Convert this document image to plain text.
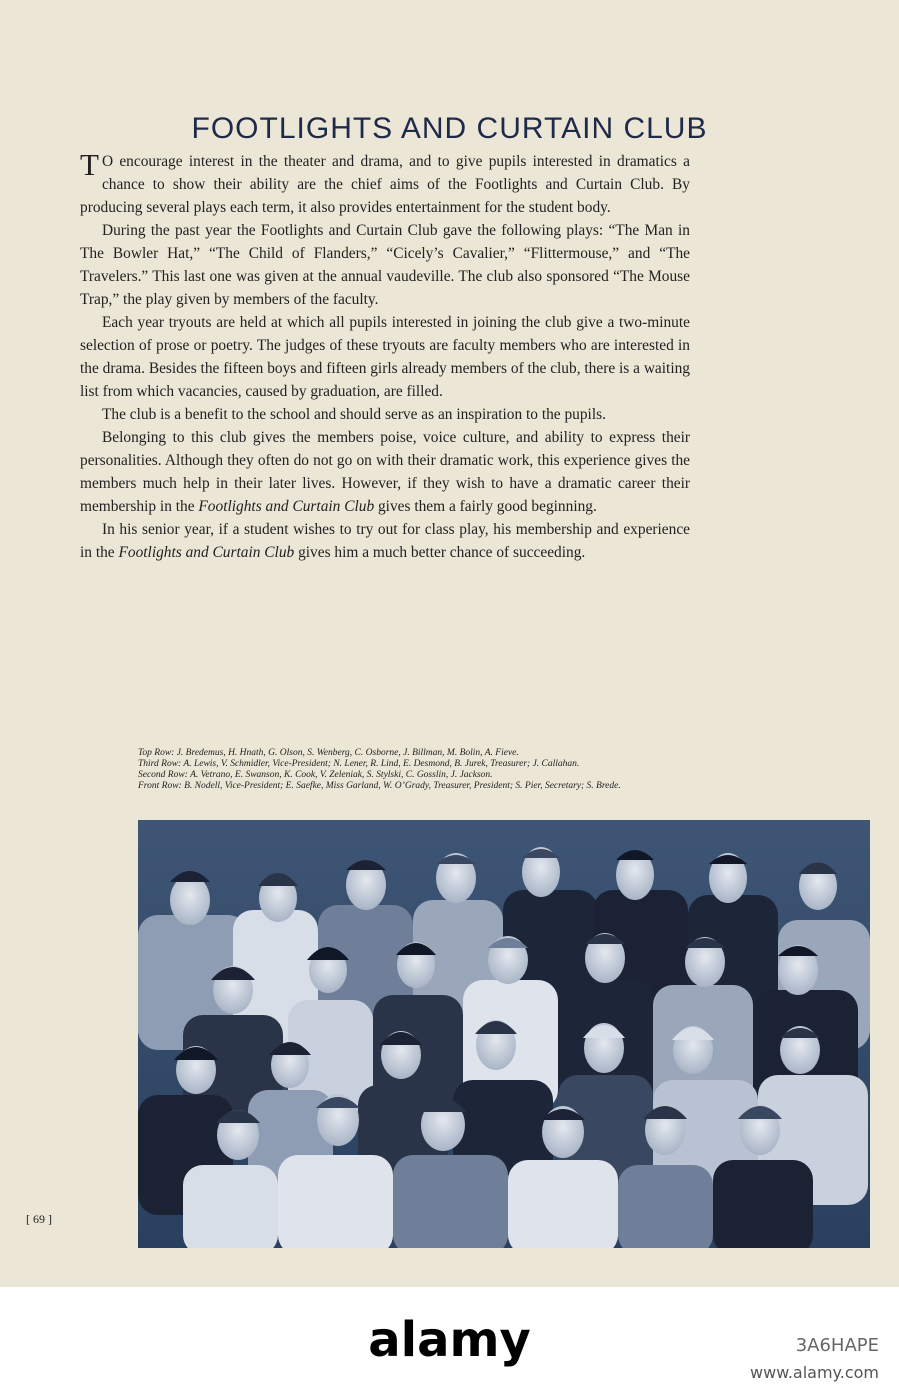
FOOTLIGHTS AND CURTAIN CLUB

T O encourage interest in the theater and drama, and to give pupils interested in dramatics a chance to show their ability are the chief aims of the Footlights and Curtain Club. By producing several plays each term, it also provides entertainment for the student body.

During the past year the Footlights and Curtain Club gave the following plays: “The Man in The Bowler Hat,” “The Child of Flanders,” “Cicely’s Cavalier,” “Flittermouse,” and “The Travelers.” This last one was given at the annual vaudeville. The club also sponsored “The Mouse Trap,” the play given by members of the faculty.

Each year tryouts are held at which all pupils interested in joining the club give a two-minute selection of prose or poetry. The judges of these tryouts are faculty members who are interested in the drama. Besides the fifteen boys and fifteen girls already members of the club, there is a waiting list from which vacancies, caused by graduation, are filled.

The club is a benefit to the school and should serve as an inspiration to the pupils.

Belonging to this club gives the members poise, voice culture, and ability to express their personalities. Although they often do not go on with their dramatic work, this experience gives the members much help in their later lives. However, if they wish to have a dramatic career their membership in the Footlights and Curtain Club gives them a fairly good beginning.

In his senior year, if a student wishes to try out for class play, his membership and experience in the Footlights and Curtain Club gives him a much better chance of succeeding.

Top Row: J. Bredemus, H. Hnath, G. Olson, S. Wenberg, C. Osborne, J. Billman, M. Bolin, A. Fieve.
Third Row: A. Lewis, V. Schmidler, Vice-President; N. Lener, R. Lind, E. Desmond, B. Jurek, Treasurer; J. Callahan.
Second Row: A. Vetrano, E. Swanson, K. Cook, V. Zeleniak, S. Stylski, C. Gosslin, J. Jackson.
Front Row: B. Nodell, Vice-President; E. Saefke, Miss Garland, W. O’Grady, Treasurer, President; S. Pier, Secretary; S. Brede.
[ 69 ]
alamy	3A6HAPE
www.alamy.com
